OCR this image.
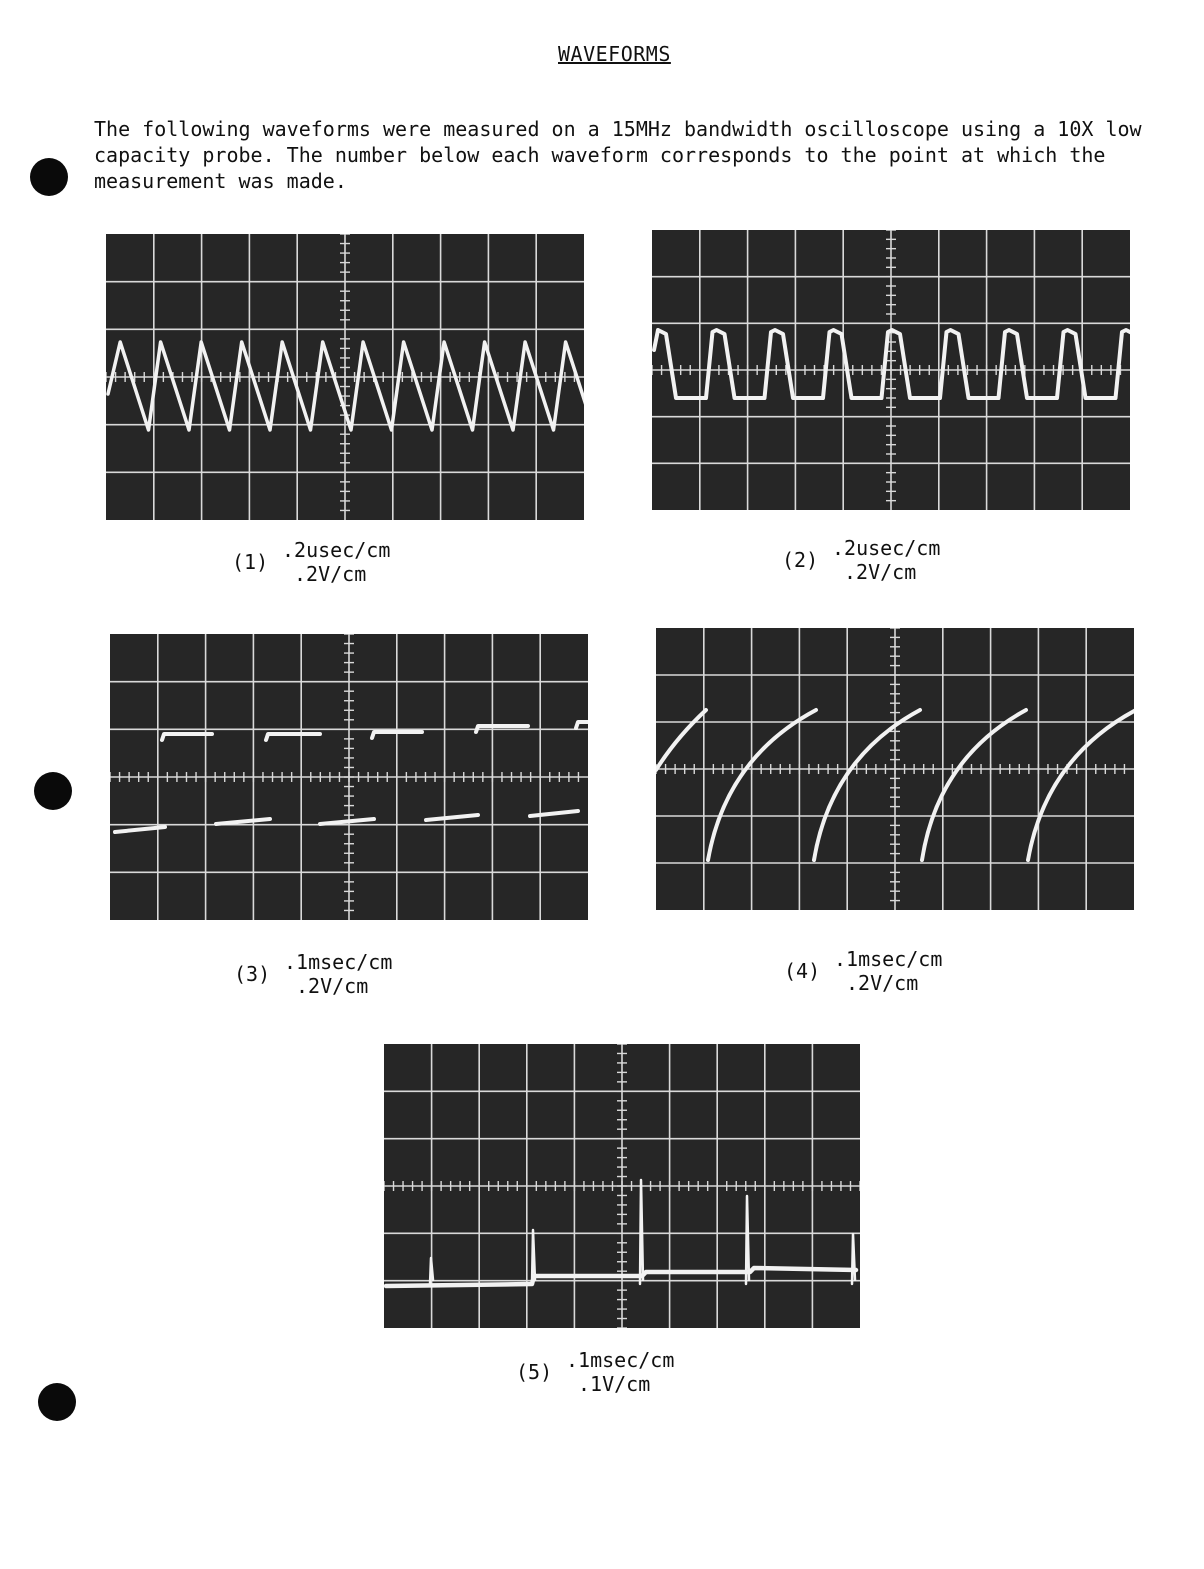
WAVEFORMS
The following waveforms were measured on a 15MHz bandwidth oscilloscope using a 10X low
capacity probe. The number below each waveform corresponds to the point at which the
measurement was made.
(1) .2usec/cm
.2V/cm
(2) .2usec/cm
.2V/cm
(3) .1msec/cm
.2V/cm
(4) .1msec/cm
.2V/cm
(5) .1msec/cm
.1V/cm
